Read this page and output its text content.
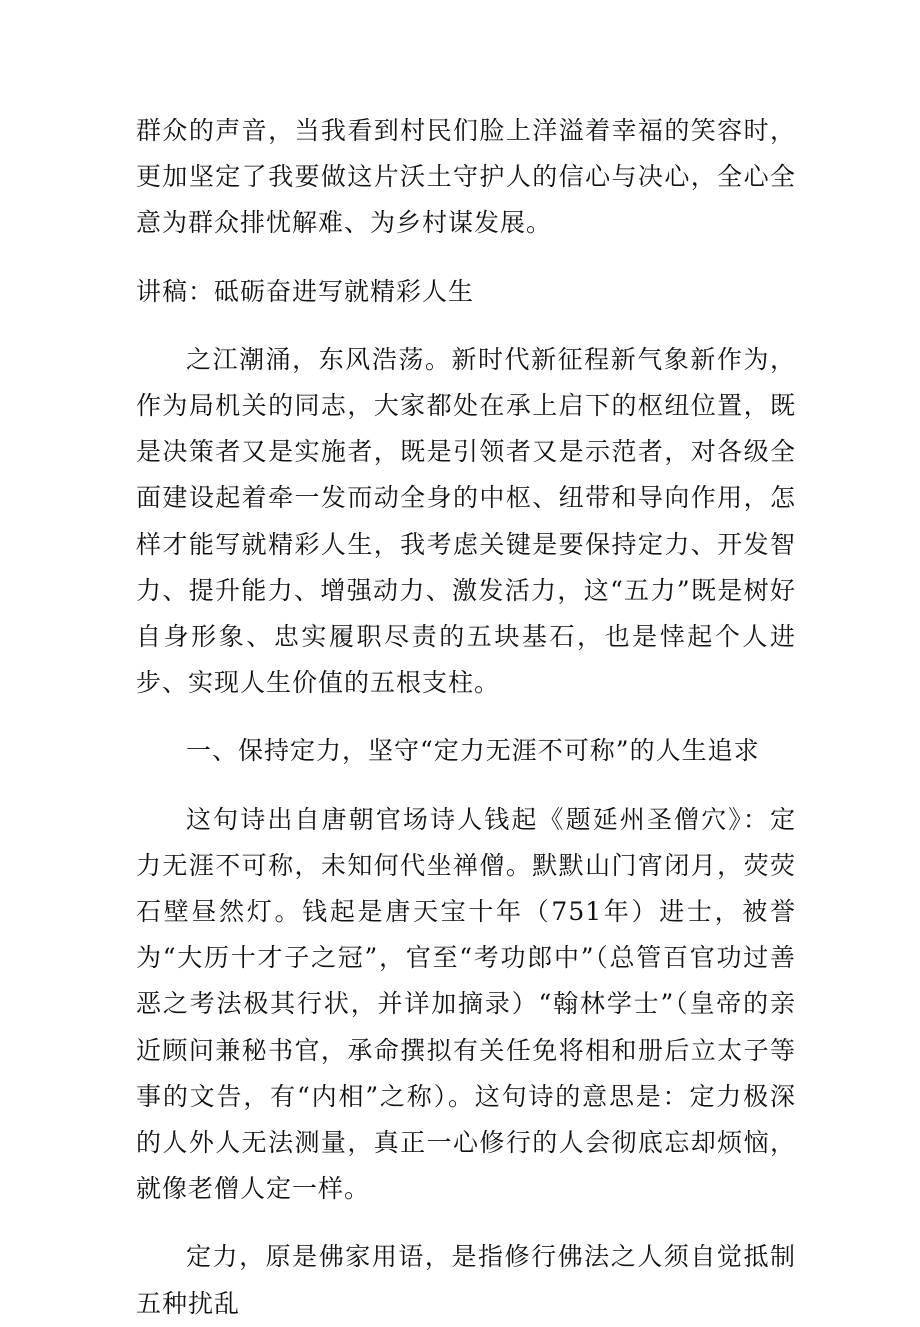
群众的声音，当我看到村民们脸上洋溢着幸福的笑容时，更加坚定了我要做这片沃土守护人的信心与决心，全心全意为群众排忧解难、为乡村谋发展。

讲稿：砥砺奋进写就精彩人生

之江潮涌，东风浩荡。新时代新征程新气象新作为，作为局机关的同志，大家都处在承上启下的枢纽位置，既是决策者又是实施者，既是引领者又是示范者，对各级全面建设起着牵一发而动全身的中枢、纽带和导向作用，怎样才能写就精彩人生，我考虑关键是要保持定力、开发智力、提升能力、增强动力、激发活力，这“五力”既是树好自身形象、忠实履职尽责的五块基石，也是悻起个人进步、实现人生价值的五根支柱。

一、保持定力，坚守“定力无涯不可称”的人生追求

这句诗出自唐朝官场诗人钱起《题延州圣僧穴》：定力无涯不可称，未知何代坐禅僧。默默山门宵闭月，荧荧石壁昼然灯。钱起是唐天宝十年（751年）进士，被誉为“大历十才子之冠”，官至“考功郎中”（总管百官功过善恶之考法极其行状，并详加摘录）“翰林学士”（皇帝的亲近顾问兼秘书官，承命撰拟有关任免将相和册后立太子等事的文告，有“内相”之称）。这句诗的意思是：定力极深的人外人无法测量，真正一心修行的人会彻底忘却烦恼，就像老僧人定一样。

定力，原是佛家用语，是指修行佛法之人须自觉抵制五种扰乱
